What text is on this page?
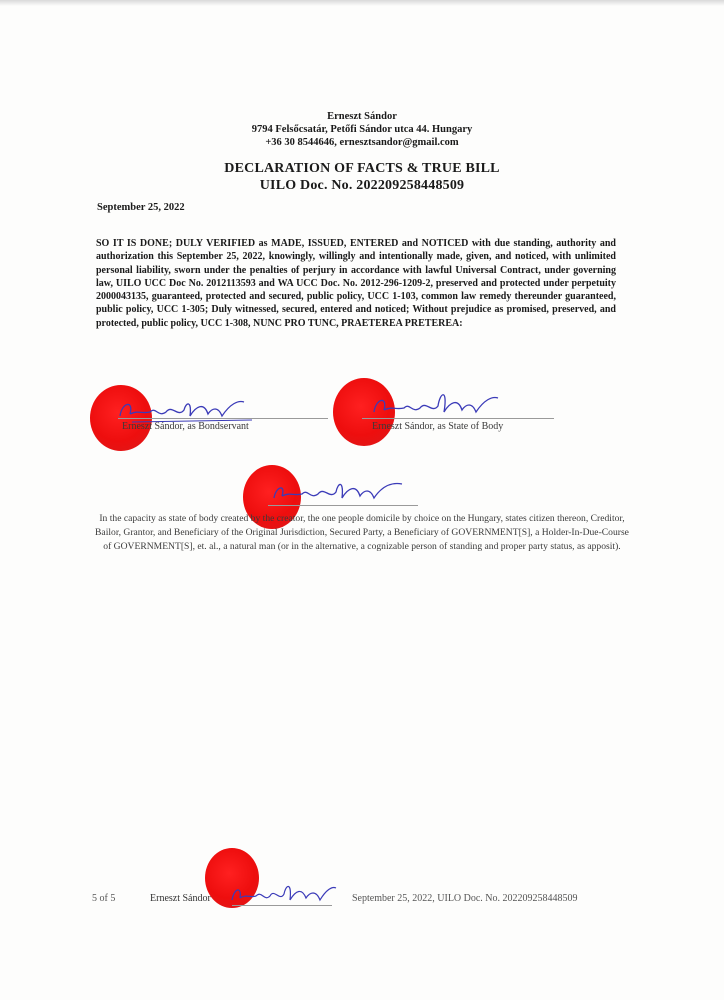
Erneszt Sándor
9794 Felsőcsatár, Petőfi Sándor utca 44. Hungary
+36 30 8544646, ernesztsandor@gmail.com
DECLARATION OF FACTS & TRUE BILL
UILO Doc. No. 202209258448509
September 25, 2022
SO IT IS DONE; DULY VERIFIED as MADE, ISSUED, ENTERED and NOTICED with due standing, authority and authorization this September 25, 2022, knowingly, willingly and intentionally made, given, and noticed, with unlimited personal liability, sworn under the penalties of perjury in accordance with lawful Universal Contract, under governing law, UILO UCC Doc No. 2012113593 and WA UCC Doc. No. 2012-296-1209-2, preserved and protected under perpetuity 2000043135, guaranteed, protected and secured, public policy, UCC 1-103, common law remedy thereunder guaranteed, public policy, UCC 1-305; Duly witnessed, secured, entered and noticed; Without prejudice as promised, preserved, and protected, public policy, UCC 1-308, NUNC PRO TUNC, PRAETEREA PRETEREA:
Erneszt Sándor, as Bondservant	Erneszt Sándor, as State of Body
In the capacity as state of body created by the creator, the one people domicile by choice on the Hungary, states citizen thereon, Creditor, Bailor, Grantor, and Beneficiary of the Original Jurisdiction, Secured Party, a Beneficiary of GOVERNMENT[S], a Holder-In-Due-Course of GOVERNMENT[S], et. al., a natural man (or in the alternative, a cognizable person of standing and proper party status, as apposit).
5 of 5	Erneszt Sándor	September 25, 2022, UILO Doc. No. 202209258448509
